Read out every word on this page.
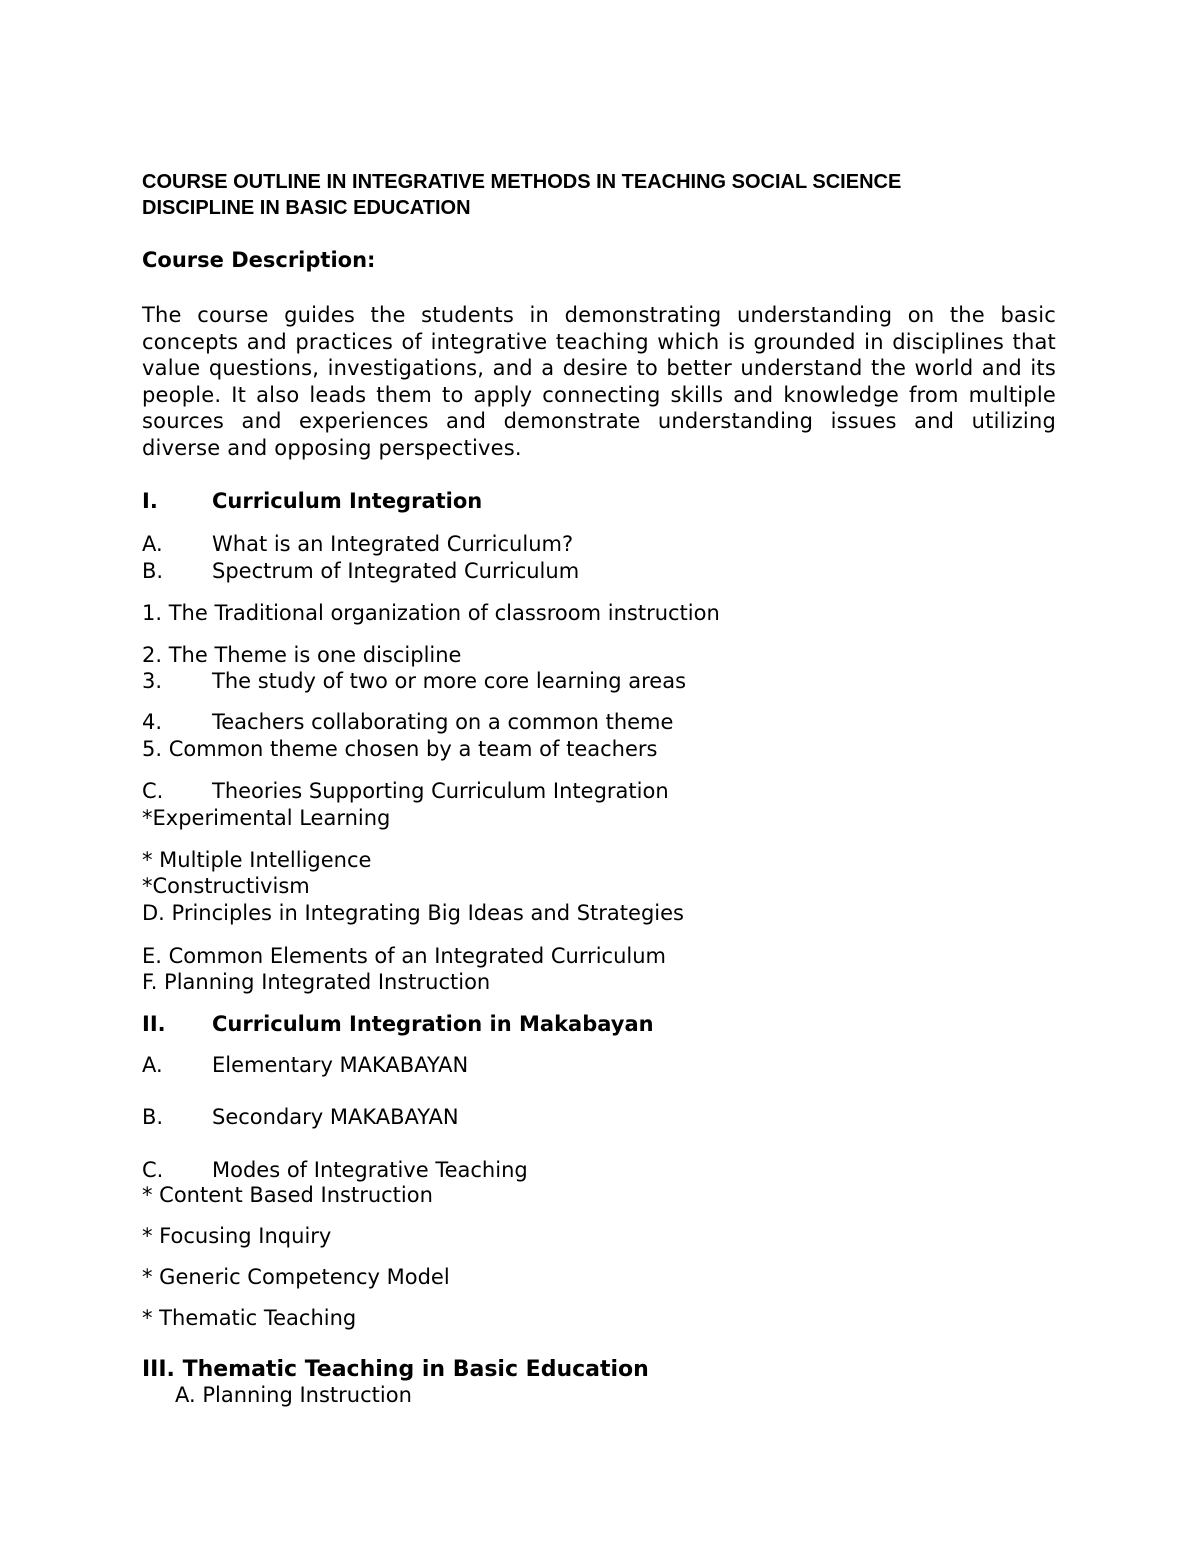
COURSE OUTLINE IN INTEGRATIVE METHODS IN TEACHING SOCIAL SCIENCE
DISCIPLINE IN BASIC EDUCATION
Course Description:
The course guides the students in demonstrating understanding on the basic concepts and practices of integrative teaching which is grounded in disciplines that value questions, investigations, and a desire to better understand the world and its people. It also leads them to apply connecting skills and knowledge from multiple sources and experiences and demonstrate understanding issues and utilizing diverse and opposing perspectives.
I.	Curriculum Integration
A. What is an Integrated Curriculum?
B. Spectrum of Integrated Curriculum
1. The Traditional organization of classroom instruction
2. The Theme is one discipline
3. The study of two or more core learning areas
4. Teachers collaborating on a common theme
5. Common theme chosen by a team of teachers
C. Theories Supporting Curriculum Integration
*Experimental Learning
* Multiple Intelligence
*Constructivism
D. Principles in Integrating Big Ideas and Strategies
E. Common Elements of an Integrated Curriculum
F. Planning Integrated Instruction
II. Curriculum Integration in Makabayan
A. Elementary MAKABAYAN
B. Secondary MAKABAYAN
C. Modes of Integrative Teaching
* Content Based Instruction
* Focusing Inquiry
* Generic Competency Model
* Thematic Teaching
III. Thematic Teaching in Basic Education
A. Planning Instruction
